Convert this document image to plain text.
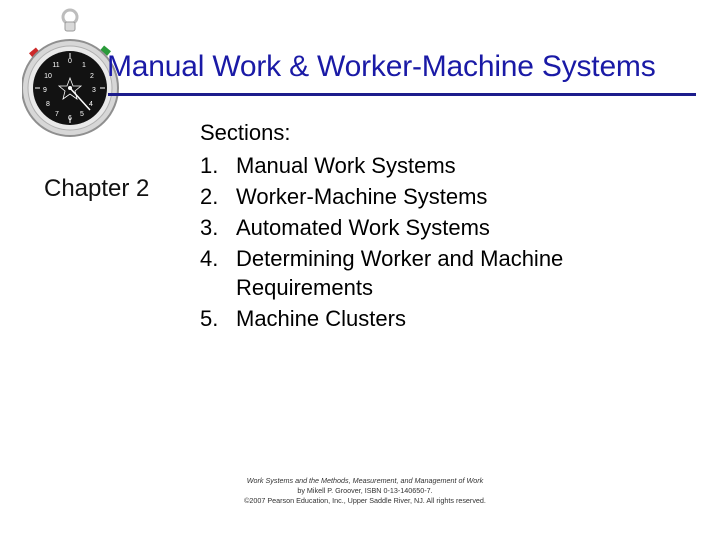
0
1
2
3
4
5
6
7
8
9
10
11 Manual Work & Worker-Machine Systems
Chapter 2
Sections:
1. Manual Work Systems
2. Worker-Machine Systems
3. Automated Work Systems
4. Determining Worker and Machine Requirements
5. Machine Clusters
Work Systems and the Methods, Measurement, and Management of Work
by Mikell P. Groover, ISBN 0-13-140650-7.
©2007 Pearson Education, Inc., Upper Saddle River, NJ. All rights reserved.
